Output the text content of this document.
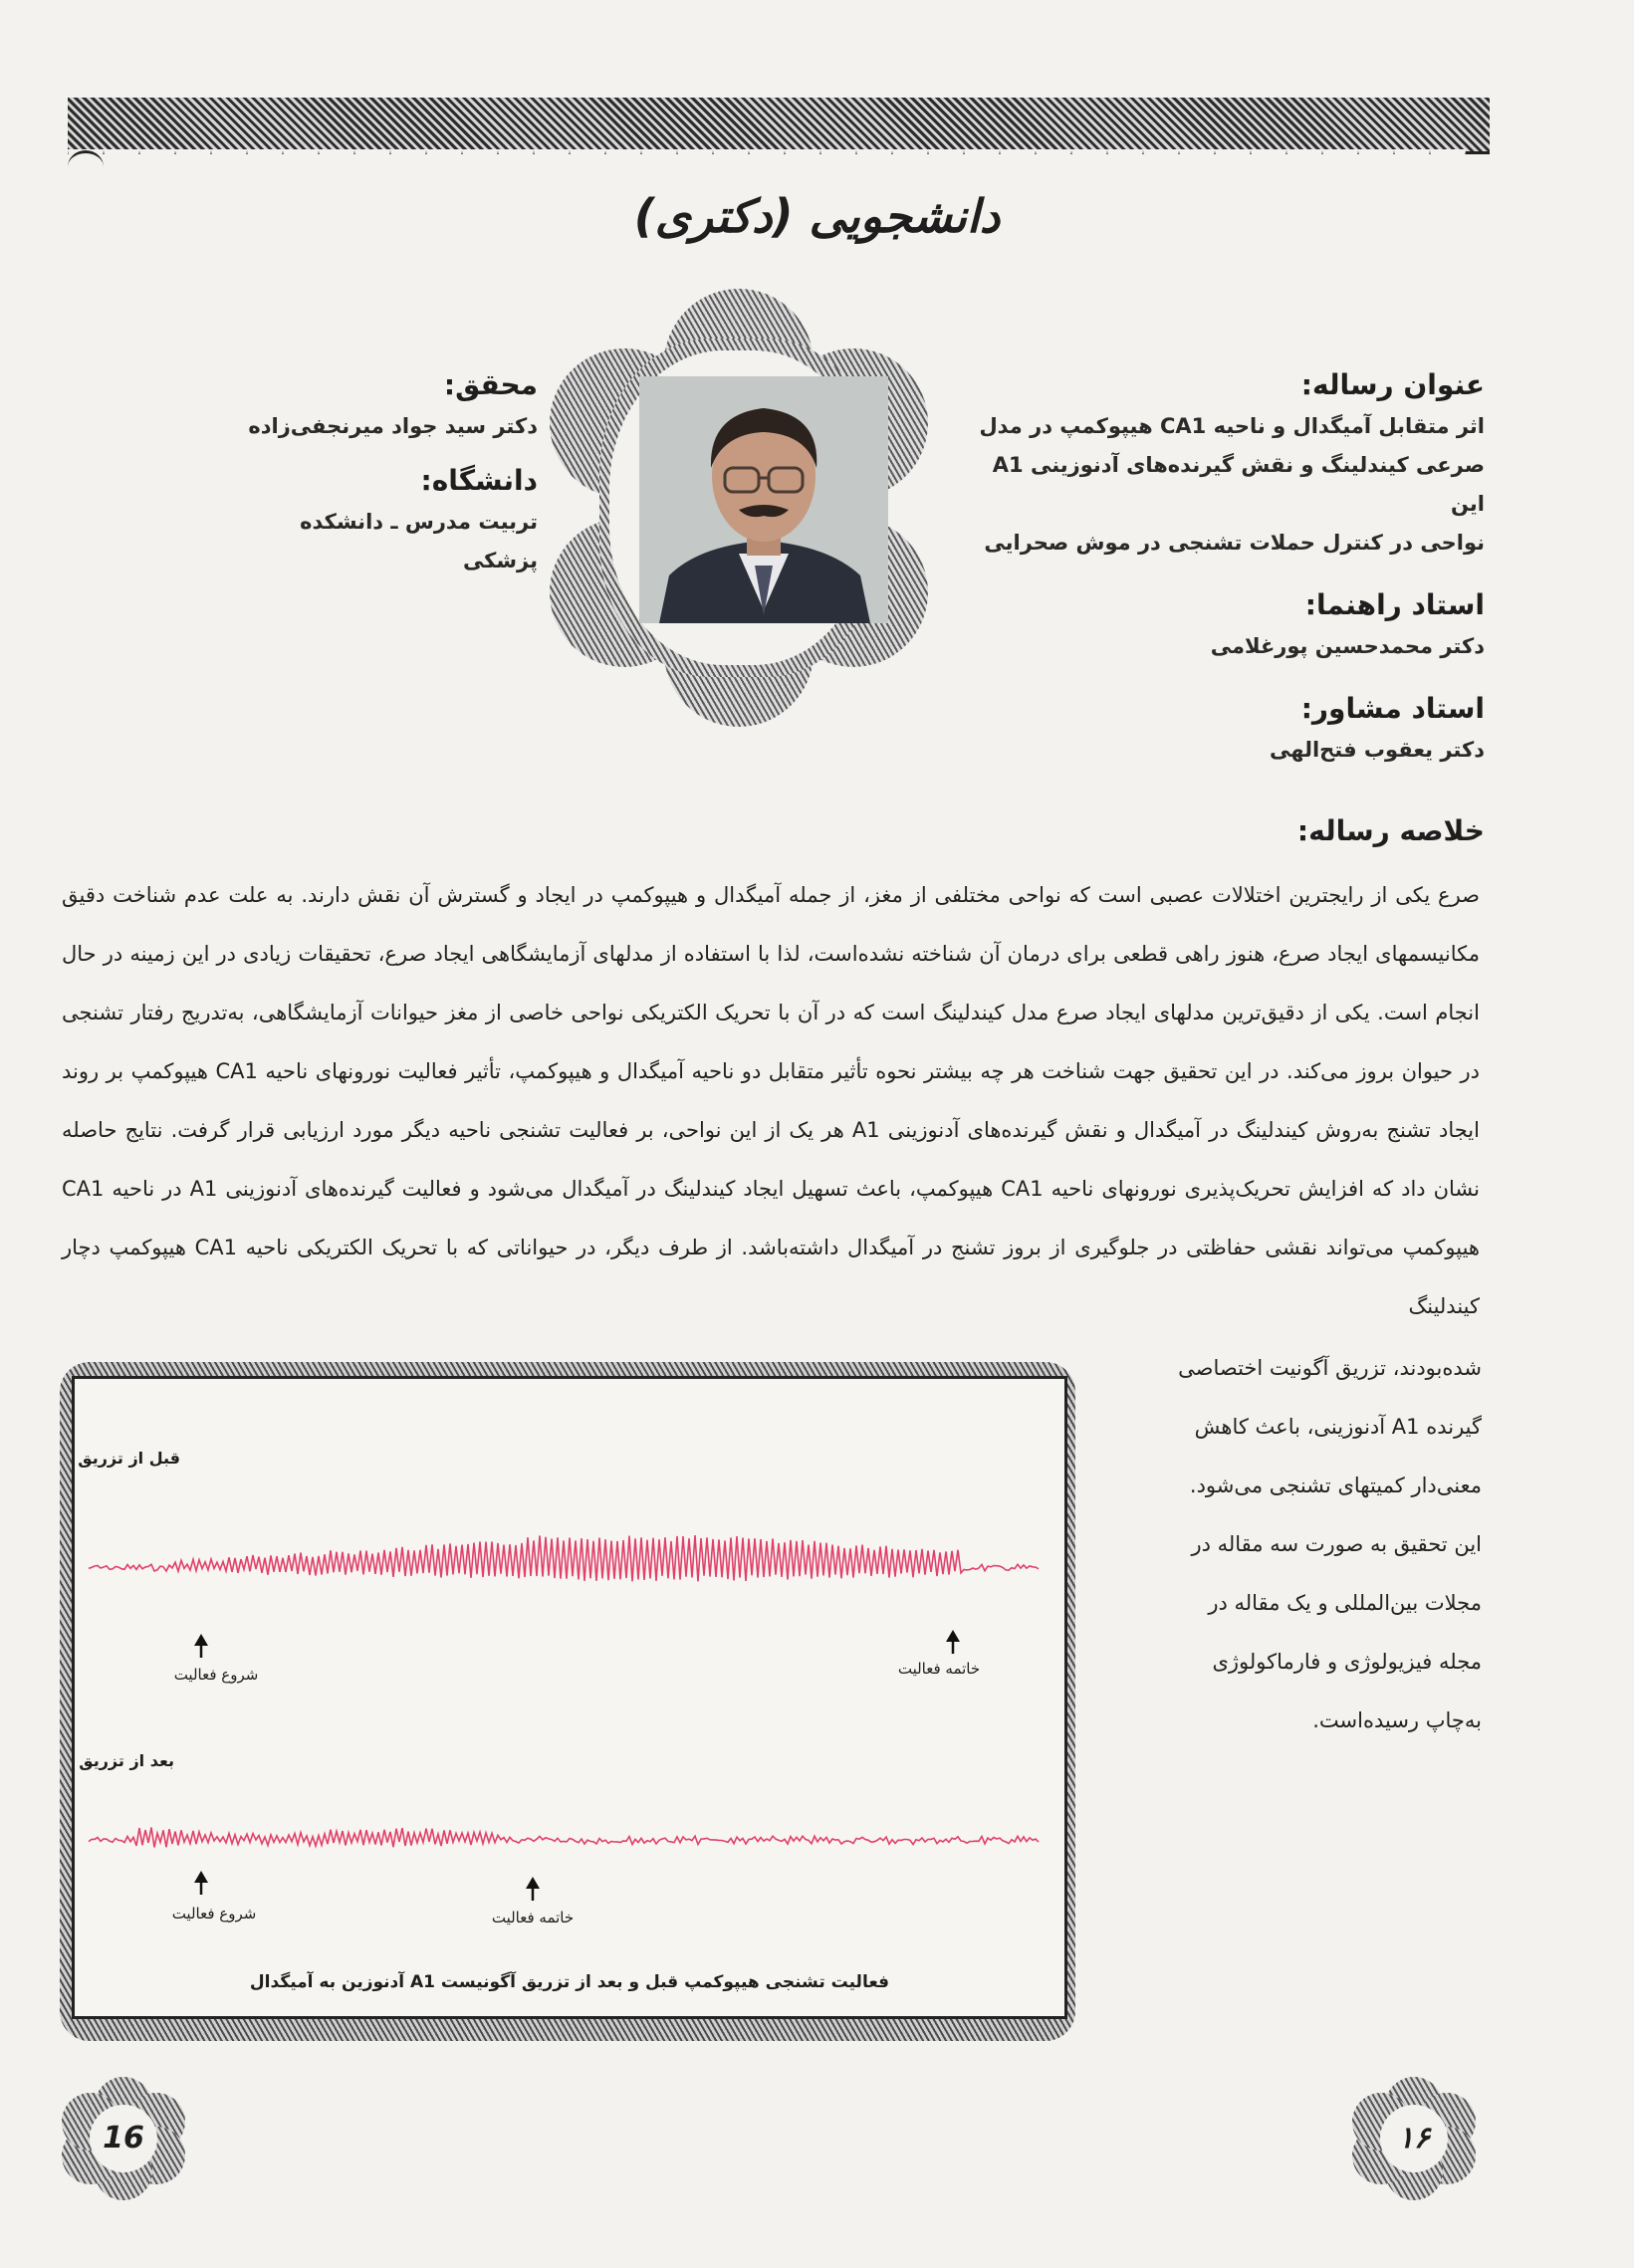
دانشجویی (دکتری)
عنوان رساله:
اثر متقابل آمیگدال و ناحیه CA1 هیپوکمپ در مدل
صرعی کیندلینگ و نقش گیرنده‌های آدنوزینی A1 این
نواحی در کنترل حملات تشنجی در موش صحرایی
استاد راهنما:
دکتر محمدحسین پورغلامی
استاد مشاور:
دکتر یعقوب فتح‌الهی
محقق:
دکتر سید جواد میرنجفی‌زاده
دانشگاه:
تربیت مدرس ـ دانشکده پزشکی
خلاصه رساله:

صرع یکی از رایجترین اختلالات عصبی است که نواحی مختلفی از مغز، از جمله آمیگدال و هیپوکمپ در ایجاد و گسترش آن نقش دارند. به علت عدم شناخت دقیق مکانیسمهای ایجاد صرع، هنوز راهی قطعی برای درمان آن شناخته نشده‌است، لذا با استفاده از مدلهای آزمایشگاهی ایجاد صرع، تحقیقات زیادی در این زمینه در حال انجام است. یکی از دقیق‌ترین مدلهای ایجاد صرع مدل کیندلینگ است که در آن با تحریک الکتریکی نواحی خاصی از مغز حیوانات آزمایشگاهی، به‌تدریج رفتار تشنجی در حیوان بروز می‌کند. در این تحقیق جهت شناخت هر چه بیشتر نحوه تأثیر متقابل دو ناحیه آمیگدال و هیپوکمپ، تأثیر فعالیت نورونهای ناحیه CA1 هیپوکمپ بر روند ایجاد تشنج به‌روش کیندلینگ در آمیگدال و نقش گیرنده‌های آدنوزینی A1 هر یک از این نواحی، بر فعالیت تشنجی ناحیه دیگر مورد ارزیابی قرار گرفت. نتایج حاصله نشان داد که افزایش تحریک‌پذیری نورونهای ناحیه CA1 هیپوکمپ، باعث تسهیل ایجاد کیندلینگ در آمیگدال می‌شود و فعالیت گیرنده‌های آدنوزینی A1 در ناحیه CA1 هیپوکمپ می‌تواند نقشی حفاظتی در جلوگیری از بروز تشنج در آمیگدال داشته‌باشد. از طرف دیگر، در حیواناتی که با تحریک الکتریکی ناحیه CA1 هیپوکمپ دچار کیندلینگ

شده‌بودند، تزریق آگونیت اختصاصی
گیرنده A1 آدنوزینی، باعث کاهش
معنی‌دار کمیتهای تشنجی می‌شود.
این تحقیق به صورت سه مقاله در
مجلات بین‌المللی و یک مقاله در
مجله فیزیولوژی و فارماکولوژی
به‌چاپ رسیده‌است.
قبل از تزریق
شروع فعالیت	خاتمه فعالیت
بعد از تزریق
شروع فعالیت	خاتمه فعالیت
فعالیت تشنجی هیپوکمپ قبل و بعد از تزریق آگونیست A1 آدنوزین به آمیگدال
16	۱۶
